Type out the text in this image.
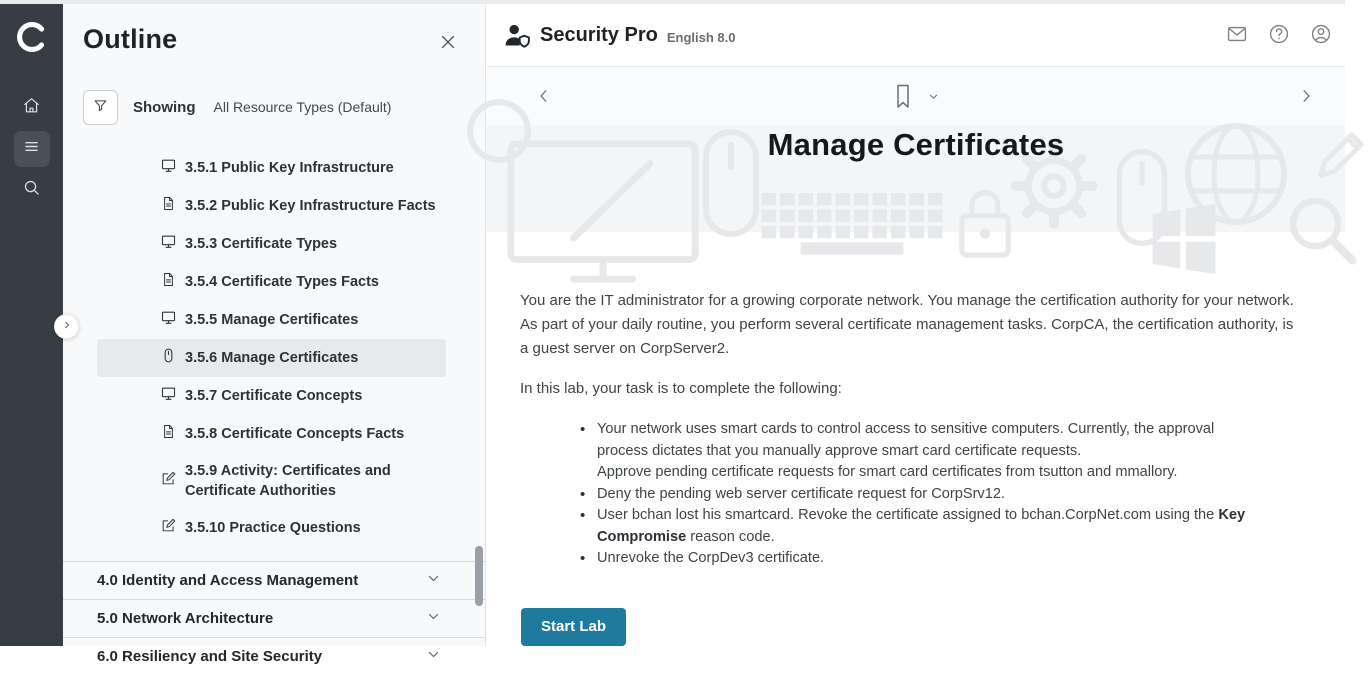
Outline
Showing All Resource Types (Default)
3.5.1 Public Key Infrastructure
3.5.2 Public Key Infrastructure Facts
3.5.3 Certificate Types
3.5.4 Certificate Types Facts
3.5.5 Manage Certificates
3.5.6 Manage Certificates
3.5.7 Certificate Concepts
3.5.8 Certificate Concepts Facts
3.5.9 Activity: Certificates and Certificate Authorities
3.5.10 Practice Questions
4.0 Identity and Access Management
5.0 Network Architecture
6.0 Resiliency and Site Security
Security Pro English 8.0
Manage Certificates

You are the IT administrator for a growing corporate network. You manage the certification authority for your network. As part of your daily routine, you perform several certificate management tasks. CorpCA, the certification authority, is a guest server on CorpServer2.

In this lab, your task is to complete the following:

• Your network uses smart cards to control access to sensitive computers. Currently, the approval process dictates that you manually approve smart card certificate requests.
Approve pending certificate requests for smart card certificates from tsutton and mmallory.
• Deny the pending web server certificate request for CorpSrv12.
• User bchan lost his smartcard. Revoke the certificate assigned to bchan.CorpNet.com using the Key Compromise reason code.
• Unrevoke the CorpDev3 certificate.
Start Lab
